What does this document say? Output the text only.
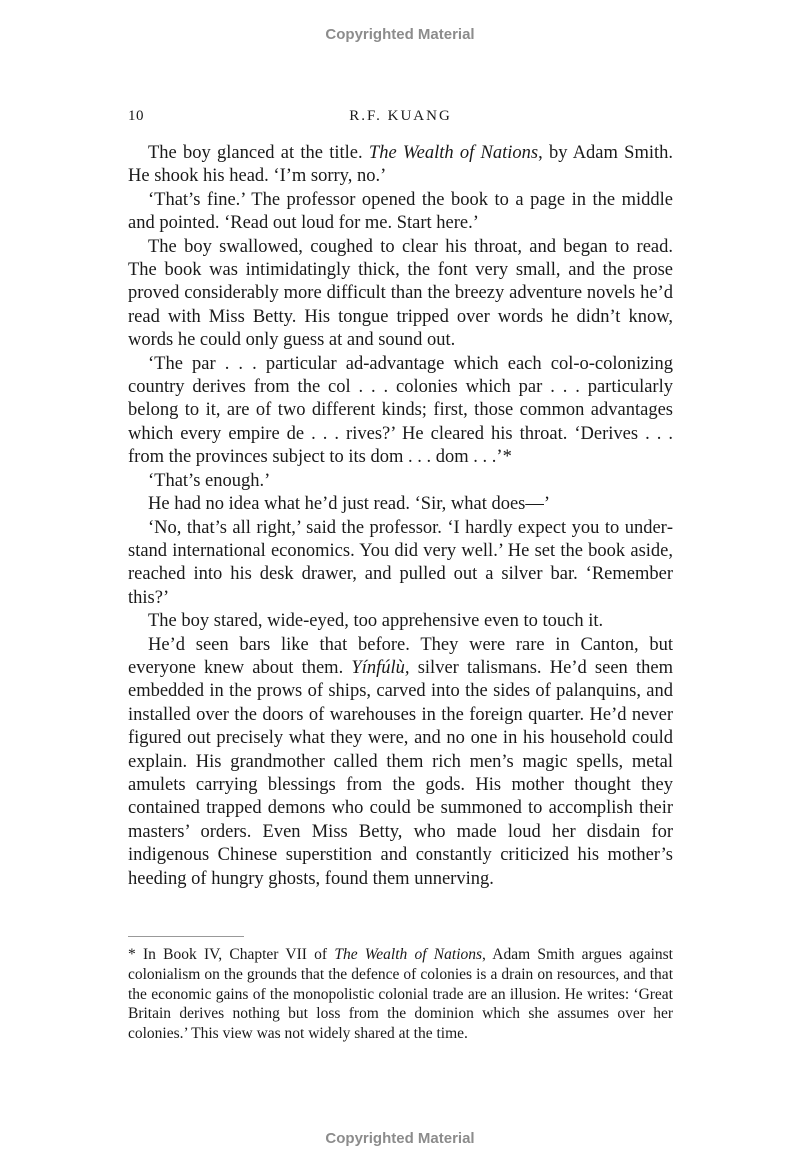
Copyrighted Material
10	R.F. KUANG

The boy glanced at the title. The Wealth of Nations, by Adam Smith. He shook his head. ‘I’m sorry, no.’

‘That’s fine.’ The professor opened the book to a page in the middle and pointed. ‘Read out loud for me. Start here.’

The boy swallowed, coughed to clear his throat, and began to read. The book was intimidatingly thick, the font very small, and the prose proved considerably more difficult than the breezy adventure novels he’d read with Miss Betty. His tongue tripped over words he didn’t know, words he could only guess at and sound out.

‘The par . . . particular ad-advantage which each col-o-colonizing country derives from the col . . . colonies which par . . . particularly belong to it, are of two different kinds; first, those common advantages which every empire de . . . rives?’ He cleared his throat. ‘Derives . . . from the provinces subject to its dom . . . dom . . .’*

‘That’s enough.’

He had no idea what he’d just read. ‘Sir, what does—’

‘No, that’s all right,’ said the professor. ‘I hardly expect you to understand international economics. You did very well.’ He set the book aside, reached into his desk drawer, and pulled out a silver bar. ‘Remember this?’

The boy stared, wide-eyed, too apprehensive even to touch it.

He’d seen bars like that before. They were rare in Canton, but everyone knew about them. Yínfúlù, silver talismans. He’d seen them embedded in the prows of ships, carved into the sides of palanquins, and installed over the doors of warehouses in the foreign quarter. He’d never figured out precisely what they were, and no one in his household could explain. His grandmother called them rich men’s magic spells, metal amulets carrying blessings from the gods. His mother thought they contained trapped demons who could be summoned to accomplish their masters’ orders. Even Miss Betty, who made loud her disdain for indigenous Chinese superstition and constantly criticized his mother’s heeding of hungry ghosts, found them unnerving.

* In Book IV, Chapter VII of The Wealth of Nations, Adam Smith argues against colonialism on the grounds that the defence of colonies is a drain on resources, and that the economic gains of the monopolistic colonial trade are an illusion. He writes: ‘Great Britain derives nothing but loss from the dominion which she assumes over her colonies.’ This view was not widely shared at the time.

Copyrighted Material
